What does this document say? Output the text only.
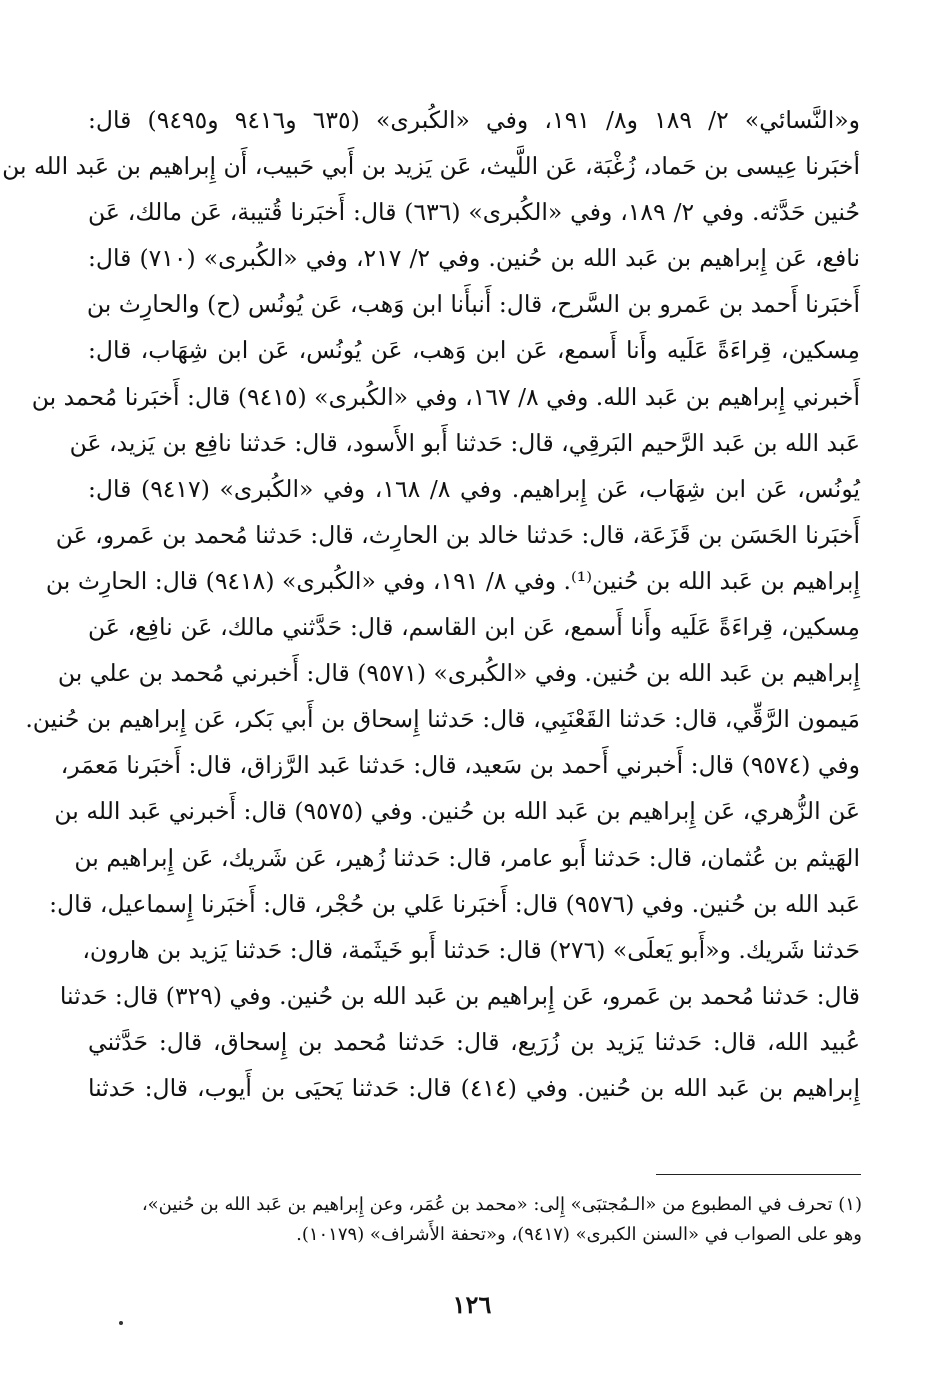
و«النَّسائي» ٢/ ١٨٩ و٨/ ١٩١، وفي «الكُبرى» (٦٣٥ و٩٤١٦ و٩٤٩٥) قال:
أخبَرنا عِيسى بن حَماد، زُغْبَة، عَن اللَّيث، عَن يَزيد بن أَبي حَبيب، أَن إِبراهيم بن عَبد الله بن
حُنين حَدَّثه. وفي ٢/ ١٨٩، وفي «الكُبرى» (٦٣٦) قال: أَخبَرنا قُتيبة، عَن مالك، عَن
نافع، عَن إِبراهيم بن عَبد الله بن حُنين. وفي ٢/ ٢١٧، وفي «الكُبرى» (٧١٠) قال:
أَخبَرنا أَحمد بن عَمرو بن السَّرح، قال: أَنبأَنا ابن وَهب، عَن يُونُس (ح) والحارِث بن
مِسكين، قِراءَةً عَلَيه وأَنا أَسمع، عَن ابن وَهب، عَن يُونُس، عَن ابن شِهَاب، قال:
أَخبرني إِبراهيم بن عَبد الله. وفي ٨/ ١٦٧، وفي «الكُبرى» (٩٤١٥) قال: أَخبَرنا مُحمد بن
عَبد الله بن عَبد الرَّحيم البَرقِي، قال: حَدثنا أَبو الأَسود، قال: حَدثنا نافِع بن يَزيد، عَن
يُونُس، عَن ابن شِهَاب، عَن إِبراهيم. وفي ٨/ ١٦٨، وفي «الكُبرى» (٩٤١٧) قال:
أَخبَرنا الحَسَن بن قَزَعَة، قال: حَدثنا خالد بن الحارِث، قال: حَدثنا مُحمد بن عَمرو، عَن
إِبراهيم بن عَبد الله بن حُنين⁽¹⁾. وفي ٨/ ١٩١، وفي «الكُبرى» (٩٤١٨) قال: الحارِث بن
مِسكين، قِراءَةً عَلَيه وأَنا أَسمع، عَن ابن القاسم، قال: حَدَّثني مالك، عَن نافِع، عَن
إِبراهيم بن عَبد الله بن حُنين. وفي «الكُبرى» (٩٥٧١) قال: أَخبرني مُحمد بن علي بن
مَيمون الرَّقِّي، قال: حَدثنا القَعْنَبِي، قال: حَدثنا إِسحاق بن أَبي بَكر، عَن إِبراهيم بن حُنين.
وفي (٩٥٧٤) قال: أَخبرني أَحمد بن سَعيد، قال: حَدثنا عَبد الرَّزاق، قال: أَخبَرنا مَعمَر،
عَن الزُّهري، عَن إِبراهيم بن عَبد الله بن حُنين. وفي (٩٥٧٥) قال: أَخبرني عَبد الله بن
الهَيثم بن عُثمان، قال: حَدثنا أَبو عامر، قال: حَدثنا زُهير، عَن شَريك، عَن إِبراهيم بن
عَبد الله بن حُنين. وفي (٩٥٧٦) قال: أَخبَرنا عَلي بن حُجْر، قال: أَخبَرنا إِسماعيل، قال:
حَدثنا شَريك. و«أَبو يَعلَى» (٢٧٦) قال: حَدثنا أَبو خَيثَمة، قال: حَدثنا يَزيد بن هارون،
قال: حَدثنا مُحمد بن عَمرو، عَن إِبراهيم بن عَبد الله بن حُنين. وفي (٣٢٩) قال: حَدثنا
عُبيد الله، قال: حَدثنا يَزيد بن زُرَيع، قال: حَدثنا مُحمد بن إِسحاق، قال: حَدَّثني
إِبراهيم بن عَبد الله بن حُنين. وفي (٤١٤) قال: حَدثنا يَحيَى بن أَيوب، قال: حَدثنا
(١) تحرف في المطبوع من «الـمُجتبَى» إِلى: «محمد بن عُمَر، وعن إِبراهيم بن عَبد الله بن حُنين»،
وهو على الصواب في «السنن الكبرى» (٩٤١٧)، و«تحفة الأَشراف» (١٠١٧٩).
١٢٦
